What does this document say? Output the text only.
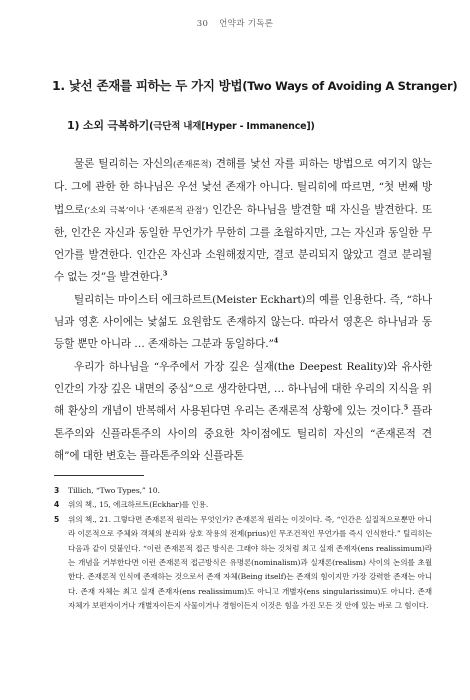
30 언약과 기독론
1. 낯선 존재를 피하는 두 가지 방법(Two Ways of Avoiding A Stranger)
1) 소외 극복하기(극단적 내재[Hyper - Immanence])

물론 틸리히는 자신의(존재론적) 견해를 낯선 자를 피하는 방법으로 여기지 않는다. 그에 관한 한 하나님은 우선 낯선 존재가 아니다. 틸리히에 따르면, “첫 번째 방법으로(‘소외 극복’이나 ‘존재론적 관점’) 인간은 하나님을 발견할 때 자신을 발견한다. 또한, 인간은 자신과 동일한 무언가가 무한히 그를 초월하지만, 그는 자신과 동일한 무언가를 발견한다. 인간은 자신과 소원해졌지만, 결코 분리되지 않았고 결코 분리될 수 없는 것”을 발견한다.$^3$

틸리히는 마이스터 에크하르트(Meister Eckhart)의 예를 인용한다. 즉, “하나님과 영혼 사이에는 낯섦도 요원함도 존재하지 않는다. 따라서 영혼은 하나님과 동등할 뿐만 아니라 … 존재하는 그분과 동일하다.”$^4$

우리가 하나님을 “우주에서 가장 깊은 실재(the Deepest Reality)와 유사한 인간의 가장 깊은 내면의 중심”으로 생각한다면, … 하나님에 대한 우리의 지식을 위해 환상의 개념이 반복해서 사용된다면 우리는 존재론적 상황에 있는 것이다.$^5$ 플라톤주의와 신플라톤주의 사이의 중요한 차이점에도 틸리히 자신의 “존재론적 견해”에 대한 변호는 플라톤주의와 신플라톤

3	Tillich, “Two Types,” 10.
4	위의 책., 15, 에크하르트(Eckhar)를 인용.
5	위의 책., 21. 그렇다면 존재론적 원리는 무엇인가? 존재론적 원리는 이것이다. 즉, “인간은 실질적으로뿐만 아니라 이론적으로 주체와 객체의 분리와 상호 작용의 전제(prius)인 무조건적인 무언가를 즉시 인식한다.” 틸리히는 다음과 같이 덧붙인다. “이런 존재론적 접근 방식은 그래야 하는 것처럼 최고 실재 존재자(ens realissimum)라는 개념을 거부한다면 이런 존재론적 접근방식은 유명론(nominalism)과 실재론(realism) 사이의 논의를 초월한다. 존재론적 인식에 존재하는 것으로서 존재 자체(Being itself)는 존재의 힘이지만 가장 강력한 존재는 아니다. 존재 자체는 최고 실재 존재자(ens realissimum)도 아니고 개별자(ens singularissimu)도 아니다. 존재 자체가 보편자이거나 개별자이든지 사물이거나 경험이든지 이것은 힘을 가진 모든 것 안에 있는 바로 그 힘이다.
